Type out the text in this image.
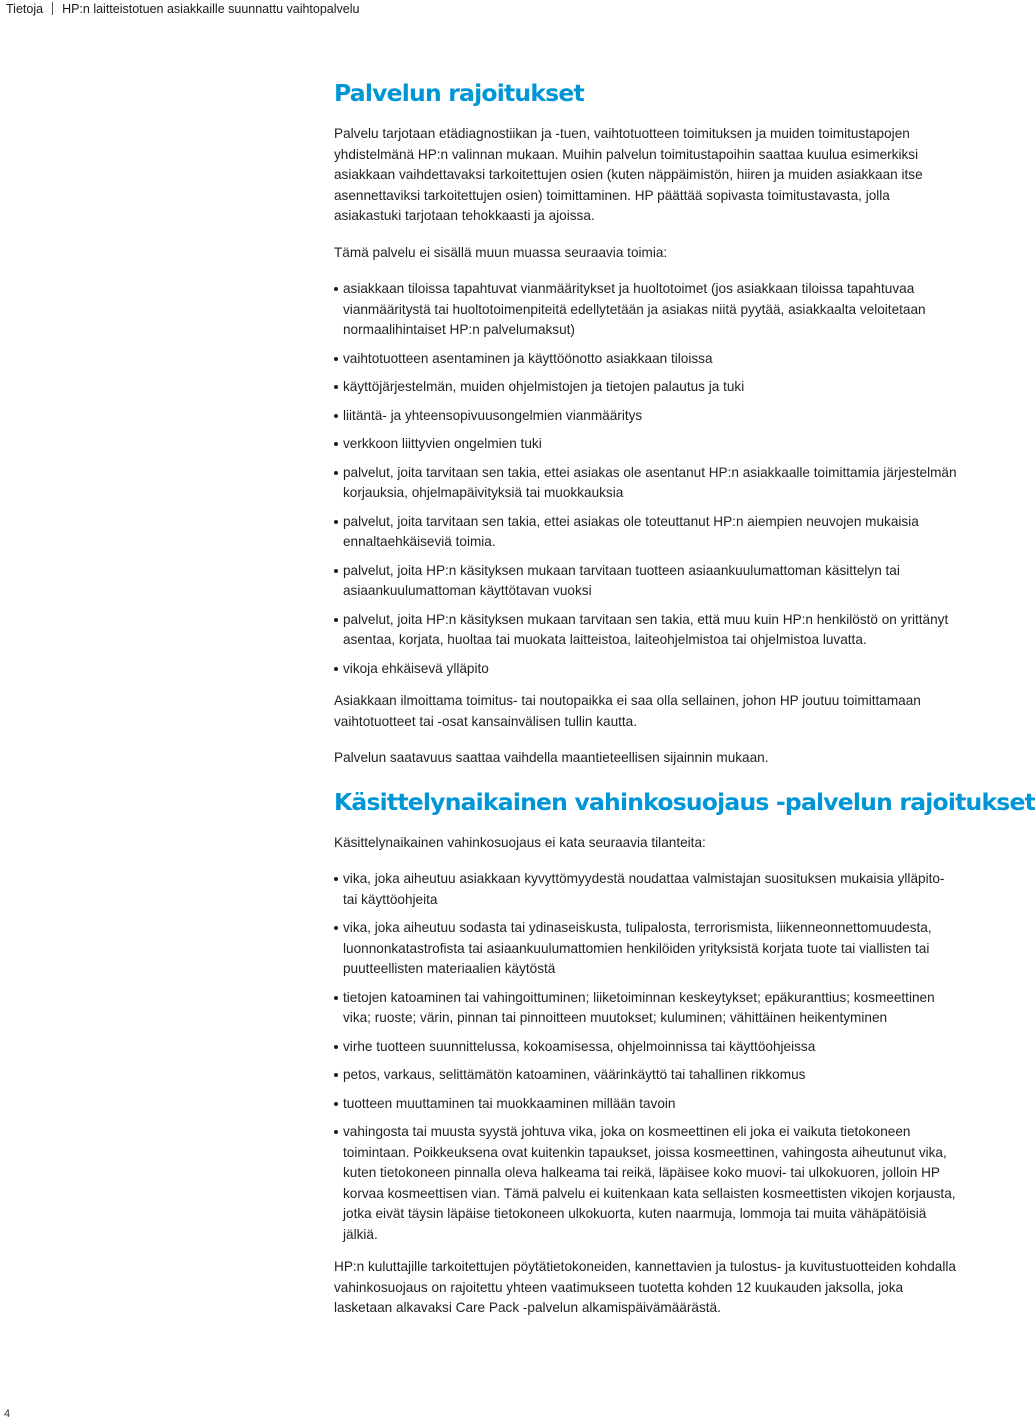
Tietoja HP:n laitteistotuen asiakkaille suunnattu vaihtopalvelu
Palvelun rajoitukset

Palvelu tarjotaan etädiagnostiikan ja -tuen, vaihtotuotteen toimituksen ja muiden toimitustapojen yhdistelmänä HP:n valinnan mukaan. Muihin palvelun toimitustapoihin saattaa kuulua esimerkiksi asiakkaan vaihdettavaksi tarkoitettujen osien (kuten näppäimistön, hiiren ja muiden asiakkaan itse asennettaviksi tarkoitettujen osien) toimittaminen. HP päättää sopivasta toimitustavasta, jolla asiakastuki tarjotaan tehokkaasti ja ajoissa.

Tämä palvelu ei sisällä muun muassa seuraavia toimia:

asiakkaan tiloissa tapahtuvat vianmääritykset ja huoltotoimet (jos asiakkaan tiloissa tapahtuvaa vianmääritystä tai huoltotoimenpiteitä edellytetään ja asiakas niitä pyytää, asiakkaalta veloitetaan normaalihintaiset HP:n palvelumaksut)
vaihtotuotteen asentaminen ja käyttöönotto asiakkaan tiloissa
käyttöjärjestelmän, muiden ohjelmistojen ja tietojen palautus ja tuki
liitäntä- ja yhteensopivuusongelmien vianmääritys
verkkoon liittyvien ongelmien tuki
palvelut, joita tarvitaan sen takia, ettei asiakas ole asentanut HP:n asiakkaalle toimittamia järjestelmän korjauksia, ohjelmapäivityksiä tai muokkauksia
palvelut, joita tarvitaan sen takia, ettei asiakas ole toteuttanut HP:n aiempien neuvojen mukaisia ennaltaehkäiseviä toimia.
palvelut, joita HP:n käsityksen mukaan tarvitaan tuotteen asiaankuulumattoman käsittelyn tai asiaankuulumattoman käyttötavan vuoksi
palvelut, joita HP:n käsityksen mukaan tarvitaan sen takia, että muu kuin HP:n henkilöstö on yrittänyt asentaa, korjata, huoltaa tai muokata laitteistoa, laiteohjelmistoa tai ohjelmistoa luvatta.
vikoja ehkäisevä ylläpito

Asiakkaan ilmoittama toimitus- tai noutopaikka ei saa olla sellainen, johon HP joutuu toimittamaan vaihtotuotteet tai -osat kansainvälisen tullin kautta.

Palvelun saatavuus saattaa vaihdella maantieteellisen sijainnin mukaan.

Käsittelynaikainen vahinkosuojaus -palvelun rajoitukset

Käsittelynaikainen vahinkosuojaus ei kata seuraavia tilanteita:

vika, joka aiheutuu asiakkaan kyvyttömyydestä noudattaa valmistajan suosituksen mukaisia ylläpito- tai käyttöohjeita
vika, joka aiheutuu sodasta tai ydinaseiskusta, tulipalosta, terrorismista, liikenneonnettomuudesta, luonnonkatastrofista tai asiaankuulumattomien henkilöiden yrityksistä korjata tuote tai viallisten tai puutteellisten materiaalien käytöstä
tietojen katoaminen tai vahingoittuminen; liiketoiminnan keskeytykset; epäkuranttius; kosmeettinen vika; ruoste; värin, pinnan tai pinnoitteen muutokset; kuluminen; vähittäinen heikentyminen
virhe tuotteen suunnittelussa, kokoamisessa, ohjelmoinnissa tai käyttöohjeissa
petos, varkaus, selittämätön katoaminen, väärinkäyttö tai tahallinen rikkomus
tuotteen muuttaminen tai muokkaaminen millään tavoin
vahingosta tai muusta syystä johtuva vika, joka on kosmeettinen eli joka ei vaikuta tietokoneen toimintaan. Poikkeuksena ovat kuitenkin tapaukset, joissa kosmeettinen, vahingosta aiheutunut vika, kuten tietokoneen pinnalla oleva halkeama tai reikä, läpäisee koko muovi- tai ulkokuoren, jolloin HP korvaa kosmeettisen vian. Tämä palvelu ei kuitenkaan kata sellaisten kosmeettisten vikojen korjausta, jotka eivät täysin läpäise tietokoneen ulkokuorta, kuten naarmuja, lommoja tai muita vähäpätöisiä jälkiä.

HP:n kuluttajille tarkoitettujen pöytätietokoneiden, kannettavien ja tulostus- ja kuvitustuotteiden kohdalla vahinkosuojaus on rajoitettu yhteen vaatimukseen tuotetta kohden 12 kuukauden jaksolla, joka lasketaan alkavaksi Care Pack -palvelun alkamispäivämäärästä.

4
